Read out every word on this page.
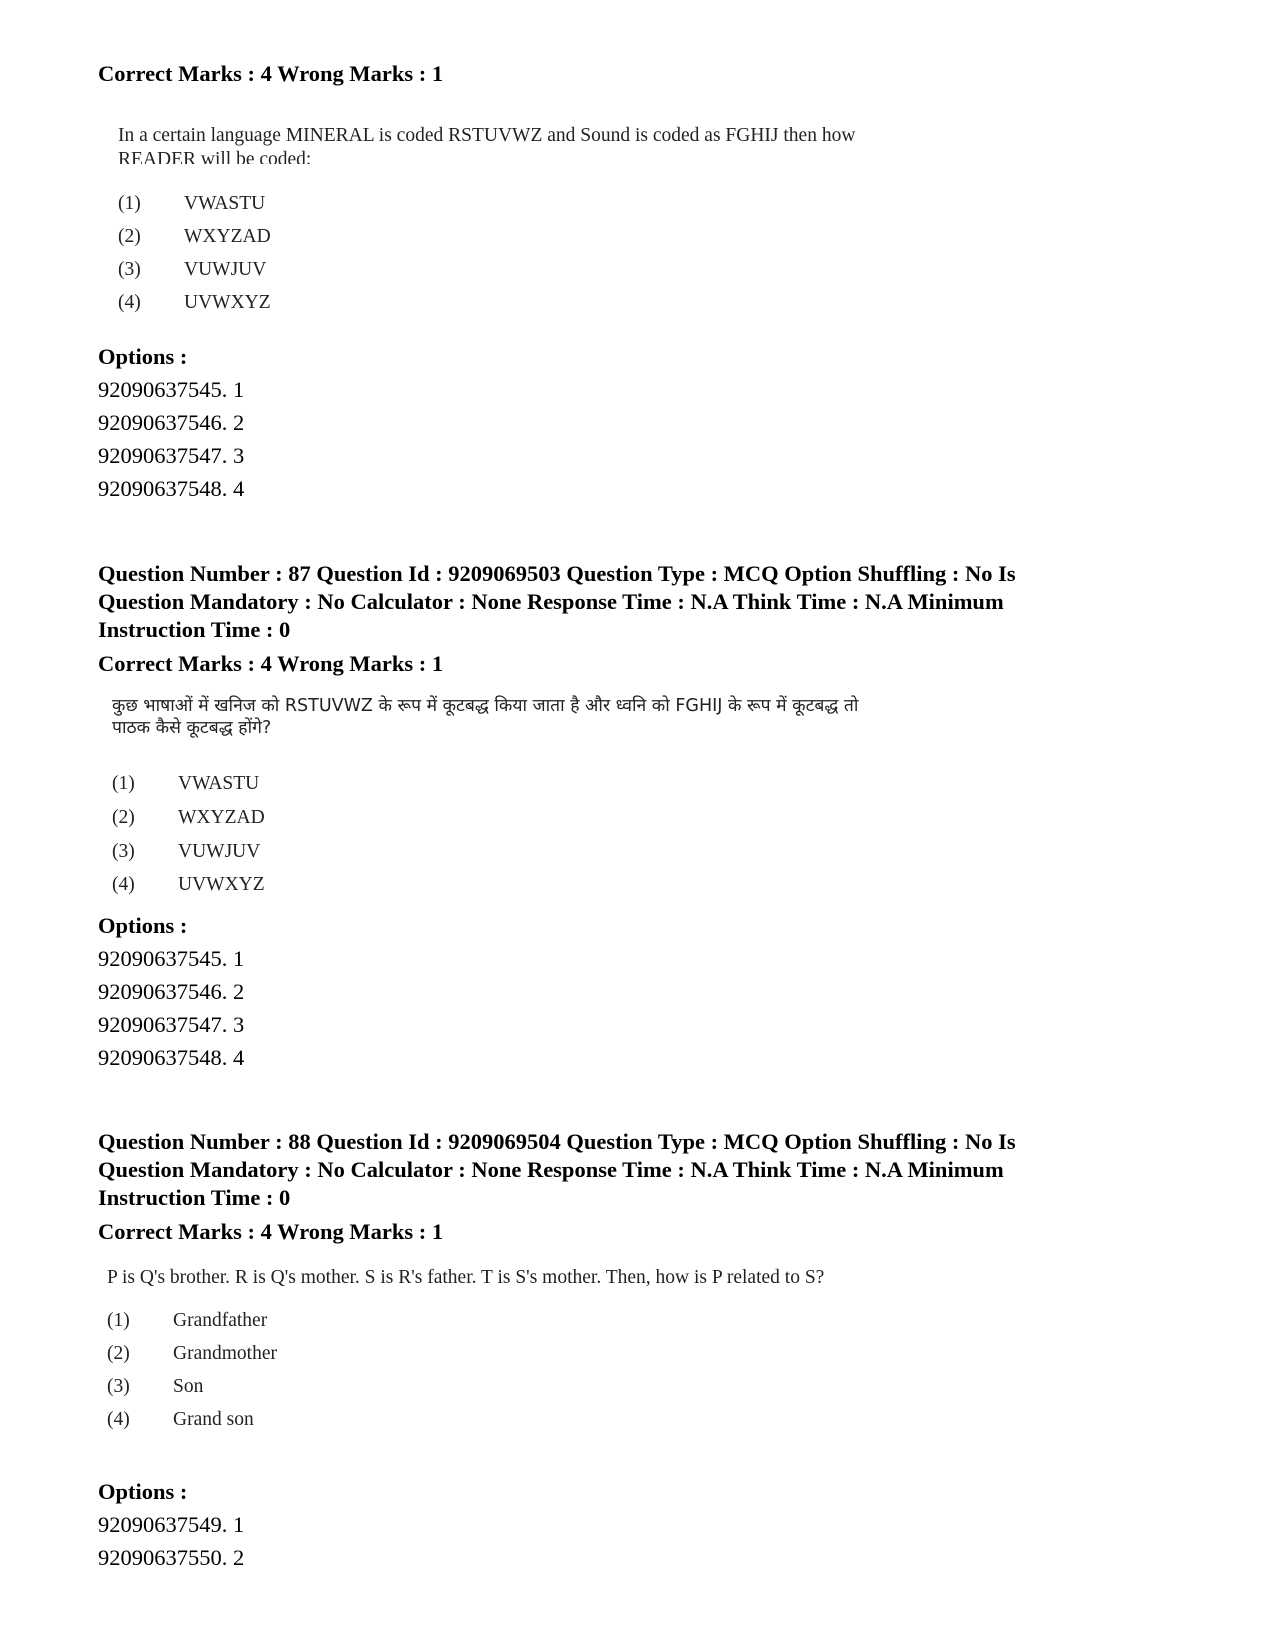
Correct Marks : 4 Wrong Marks : 1
In a certain language MINERAL is coded RSTUVWZ and Sound is coded as FGHIJ then how
READER will be coded:
(1) VWASTU
(2) WXYZAD
(3) VUWJUV
(4) UVWXYZ
Options :
92090637545. 1
92090637546. 2
92090637547. 3
92090637548. 4
Question Number : 87 Question Id : 9209069503 Question Type : MCQ Option Shuffling : No Is
Question Mandatory : No Calculator : None Response Time : N.A Think Time : N.A Minimum
Instruction Time : 0
Correct Marks : 4 Wrong Marks : 1
कुछ भाषाओं में खनिज को RSTUVWZ के रूप में कूटबद्ध किया जाता है और ध्वनि को FGHIJ के रूप में कूटबद्ध तो
पाठक कैसे कूटबद्ध होंगे?
(1) VWASTU
(2) WXYZAD
(3) VUWJUV
(4) UVWXYZ
Options :
92090637545. 1
92090637546. 2
92090637547. 3
92090637548. 4
Question Number : 88 Question Id : 9209069504 Question Type : MCQ Option Shuffling : No Is
Question Mandatory : No Calculator : None Response Time : N.A Think Time : N.A Minimum
Instruction Time : 0
Correct Marks : 4 Wrong Marks : 1
P is Q's brother. R is Q's mother. S is R's father. T is S's mother. Then, how is P related to S?
(1) Grandfather
(2) Grandmother
(3) Son
(4) Grand son
Options :
92090637549. 1
92090637550. 2
